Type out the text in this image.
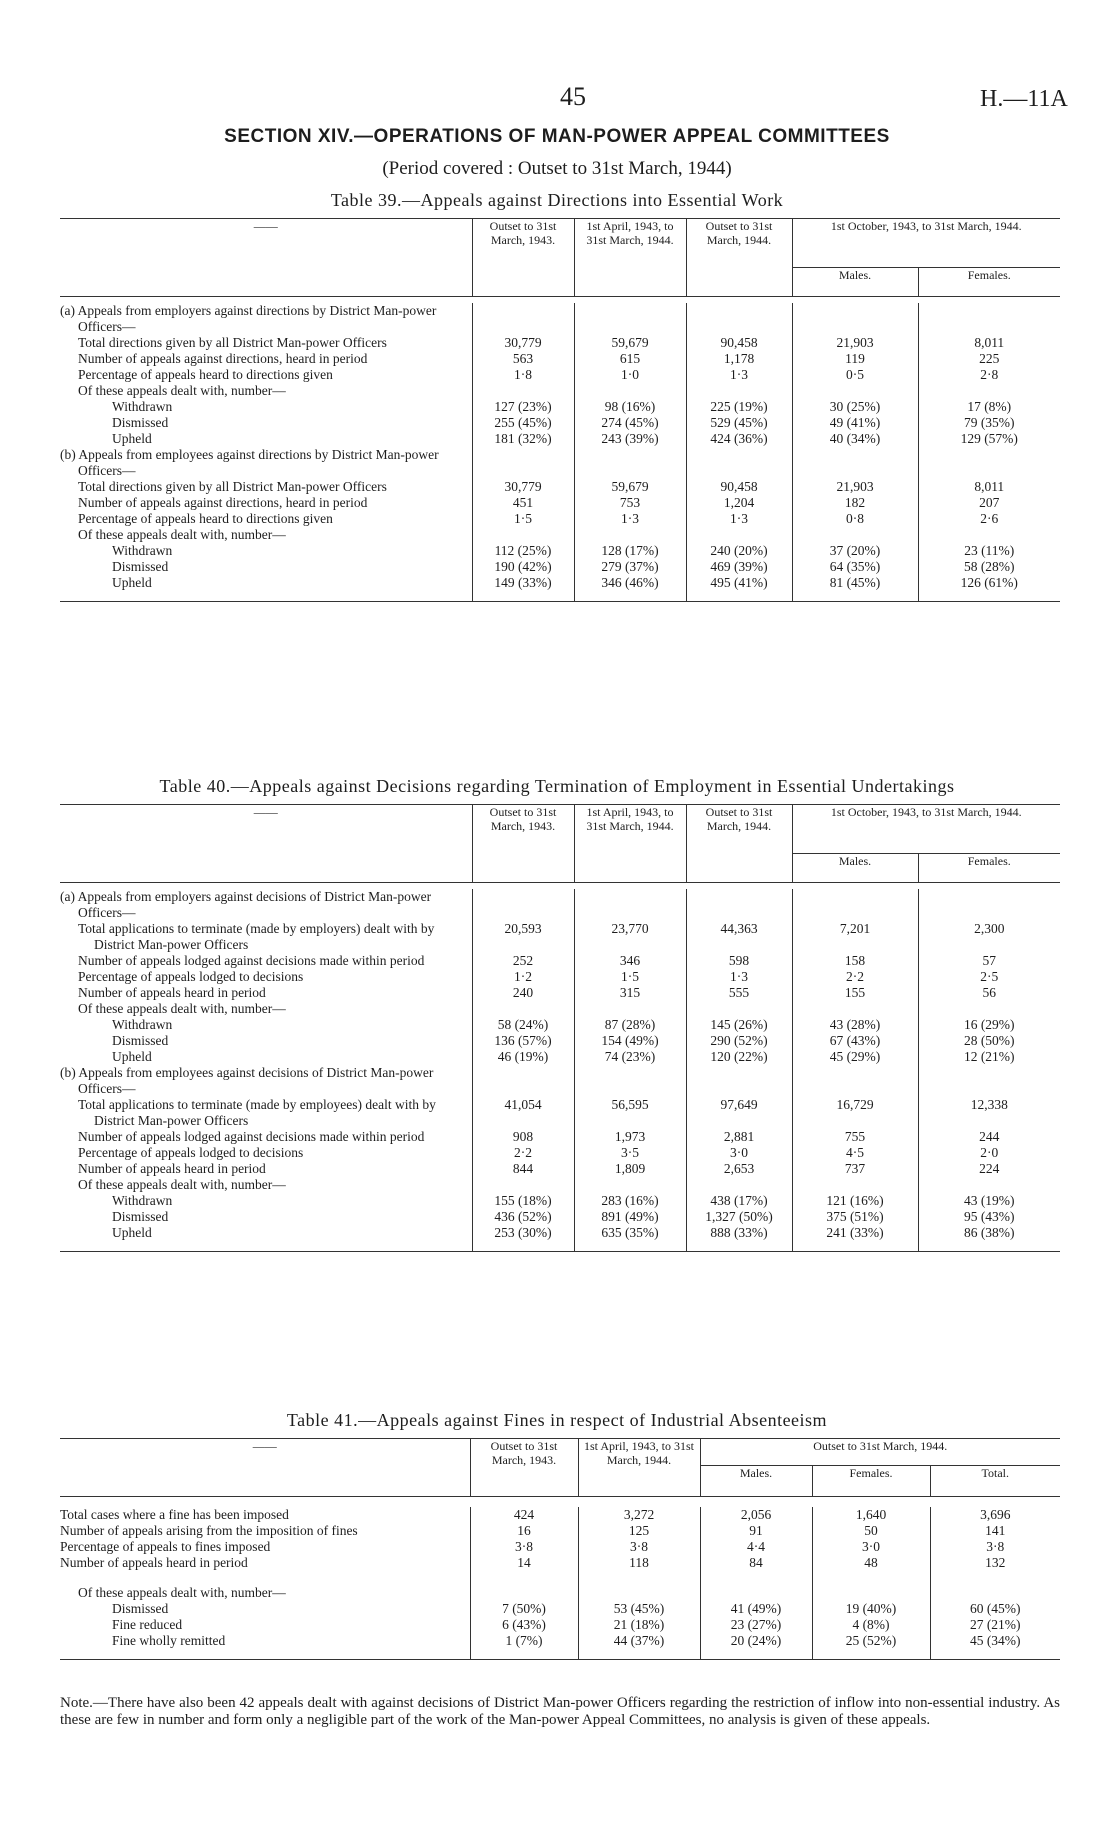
45	H.—11A
SECTION XIV.—OPERATIONS OF MAN-POWER APPEAL COMMITTEES
(Period covered : Outset to 31st March, 1944)
Table 39.—Appeals against Directions into Essential Work
——	Outset to 31st March, 1943.	1st April, 1943, to 31st March, 1944.	Outset to 31st March, 1944.	1st October, 1943, to 31st March, 1944.	
				Males.	Females.

(a) Appeals from employers against directions by District Man-power Officers—					
Total directions given by all District Man-power Officers	30,779	59,679	90,458	21,903	8,011
Number of appeals against directions, heard in period	563	615	1,178	119	225
Percentage of appeals heard to directions given	1·8	1·0	1·3	0·5	2·8
Of these appeals dealt with, number—					
Withdrawn	127 (23%)	98 (16%)	225 (19%)	30 (25%)	17 (8%)
Dismissed	255 (45%)	274 (45%)	529 (45%)	49 (41%)	79 (35%)
Upheld	181 (32%)	243 (39%)	424 (36%)	40 (34%)	129 (57%)
(b) Appeals from employees against directions by District Man-power Officers—					
Total directions given by all District Man-power Officers	30,779	59,679	90,458	21,903	8,011
Number of appeals against directions, heard in period	451	753	1,204	182	207
Percentage of appeals heard to directions given	1·5	1·3	1·3	0·8	2·6
Of these appeals dealt with, number—					
Withdrawn	112 (25%)	128 (17%)	240 (20%)	37 (20%)	23 (11%)
Dismissed	190 (42%)	279 (37%)	469 (39%)	64 (35%)	58 (28%)
Upheld	149 (33%)	346 (46%)	495 (41%)	81 (45%)	126 (61%)

Table 40.—Appeals against Decisions regarding Termination of Employment in Essential Undertakings
——	Outset to 31st March, 1943.	1st April, 1943, to 31st March, 1944.	Outset to 31st March, 1944.	1st October, 1943, to 31st March, 1944.	
				Males.	Females.

(a) Appeals from employers against decisions of District Man-power Officers—					
Total applications to terminate (made by employers) dealt with by District Man-power Officers	20,593	23,770	44,363	7,201	2,300
Number of appeals lodged against decisions made within period	252	346	598	158	57
Percentage of appeals lodged to decisions	1·2	1·5	1·3	2·2	2·5
Number of appeals heard in period	240	315	555	155	56
Of these appeals dealt with, number—					
Withdrawn	58 (24%)	87 (28%)	145 (26%)	43 (28%)	16 (29%)
Dismissed	136 (57%)	154 (49%)	290 (52%)	67 (43%)	28 (50%)
Upheld	46 (19%)	74 (23%)	120 (22%)	45 (29%)	12 (21%)
(b) Appeals from employees against decisions of District Man-power Officers—					
Total applications to terminate (made by employees) dealt with by District Man-power Officers	41,054	56,595	97,649	16,729	12,338
Number of appeals lodged against decisions made within period	908	1,973	2,881	755	244
Percentage of appeals lodged to decisions	2·2	3·5	3·0	4·5	2·0
Number of appeals heard in period	844	1,809	2,653	737	224
Of these appeals dealt with, number—					
Withdrawn	155 (18%)	283 (16%)	438 (17%)	121 (16%)	43 (19%)
Dismissed	436 (52%)	891 (49%)	1,327 (50%)	375 (51%)	95 (43%)
Upheld	253 (30%)	635 (35%)	888 (33%)	241 (33%)	86 (38%)

Table 41.—Appeals against Fines in respect of Industrial Absenteeism
——	Outset to 31st March, 1943.	1st April, 1943, to 31st March, 1944.	Outset to 31st March, 1944.		
			Males.	Females.	Total.

Total cases where a fine has been imposed	424	3,272	2,056	1,640	3,696
Number of appeals arising from the imposition of fines	16	125	91	50	141
Percentage of appeals to fines imposed	3·8	3·8	4·4	3·0	3·8
Number of appeals heard in period	14	118	84	48	132

Of these appeals dealt with, number—					
Dismissed	7 (50%)	53 (45%)	41 (49%)	19 (40%)	60 (45%)
Fine reduced	6 (43%)	21 (18%)	23 (27%)	4 (8%)	27 (21%)
Fine wholly remitted	1 (7%)	44 (37%)	20 (24%)	25 (52%)	45 (34%)

Note.—There have also been 42 appeals dealt with against decisions of District Man-power Officers regarding the restriction of inflow into non-essential industry. As these are few in number and form only a negligible part of the work of the Man-power Appeal Committees, no analysis is given of these appeals.
